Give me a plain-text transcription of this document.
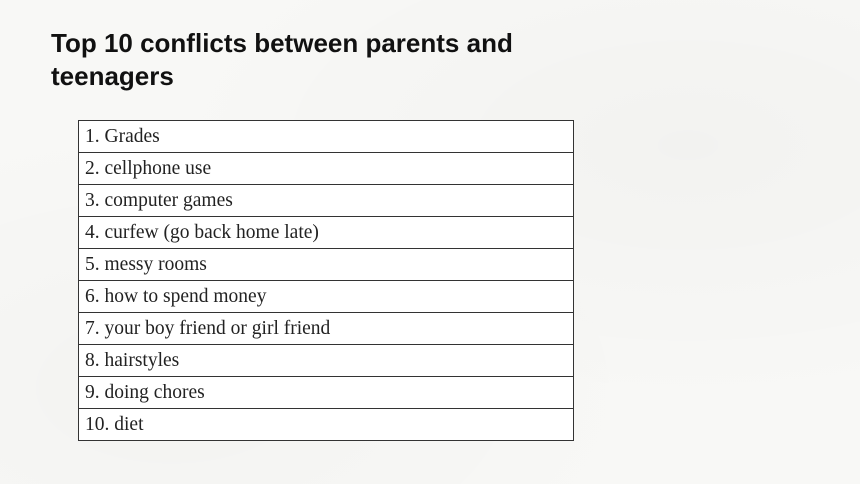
Top 10 conflicts between parents and teenagers
1. Grades
2. cellphone use
3. computer games
4. curfew (go back home late)
5. messy rooms
6. how to spend money
7. your boy friend or girl friend
8. hairstyles
9. doing chores
10. diet
